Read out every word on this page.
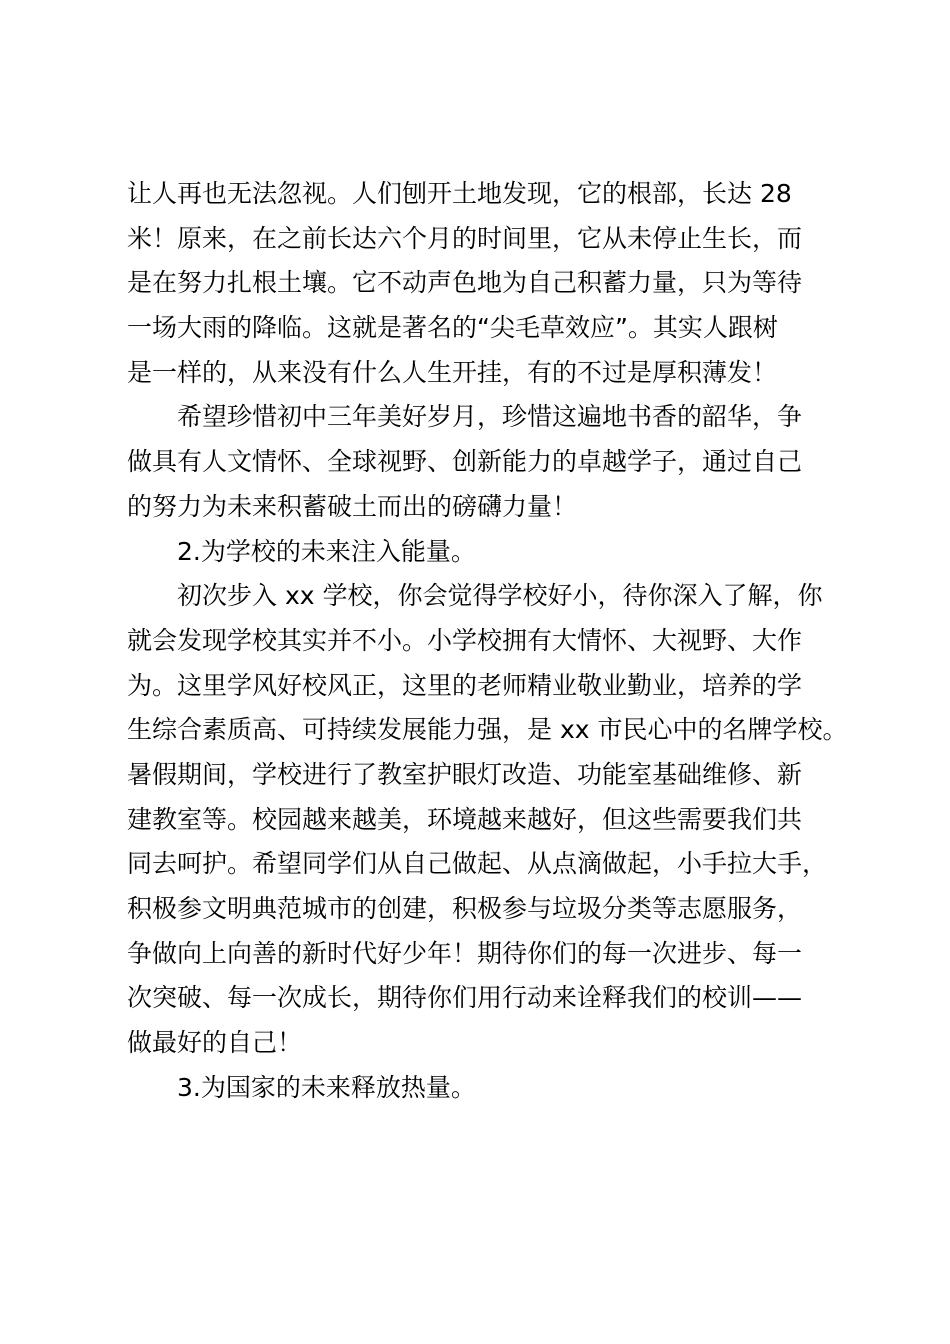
让人再也无法忽视。人们刨开土地发现，它的根部，长达 28
米！原来，在之前长达六个月的时间里，它从未停止生长，而
是在努力扎根土壤。它不动声色地为自己积蓄力量，只为等待
一场大雨的降临。这就是著名的“尖毛草效应”。其实人跟树
是一样的，从来没有什么人生开挂，有的不过是厚积薄发！
希望珍惜初中三年美好岁月，珍惜这遍地书香的韶华，争
做具有人文情怀、全球视野、创新能力的卓越学子，通过自己
的努力为未来积蓄破土而出的磅礴力量！
2.为学校的未来注入能量。
初次步入 xx 学校，你会觉得学校好小，待你深入了解，你
就会发现学校其实并不小。小学校拥有大情怀、大视野、大作
为。这里学风好校风正，这里的老师精业敬业勤业，培养的学
生综合素质高、可持续发展能力强，是 xx 市民心中的名牌学校。
暑假期间，学校进行了教室护眼灯改造、功能室基础维修、新
建教室等。校园越来越美，环境越来越好，但这些需要我们共
同去呵护。希望同学们从自己做起、从点滴做起，小手拉大手，
积极参文明典范城市的创建，积极参与垃圾分类等志愿服务，
争做向上向善的新时代好少年！期待你们的每一次进步、每一
次突破、每一次成长，期待你们用行动来诠释我们的校训——
做最好的自己！
3.为国家的未来释放热量。
